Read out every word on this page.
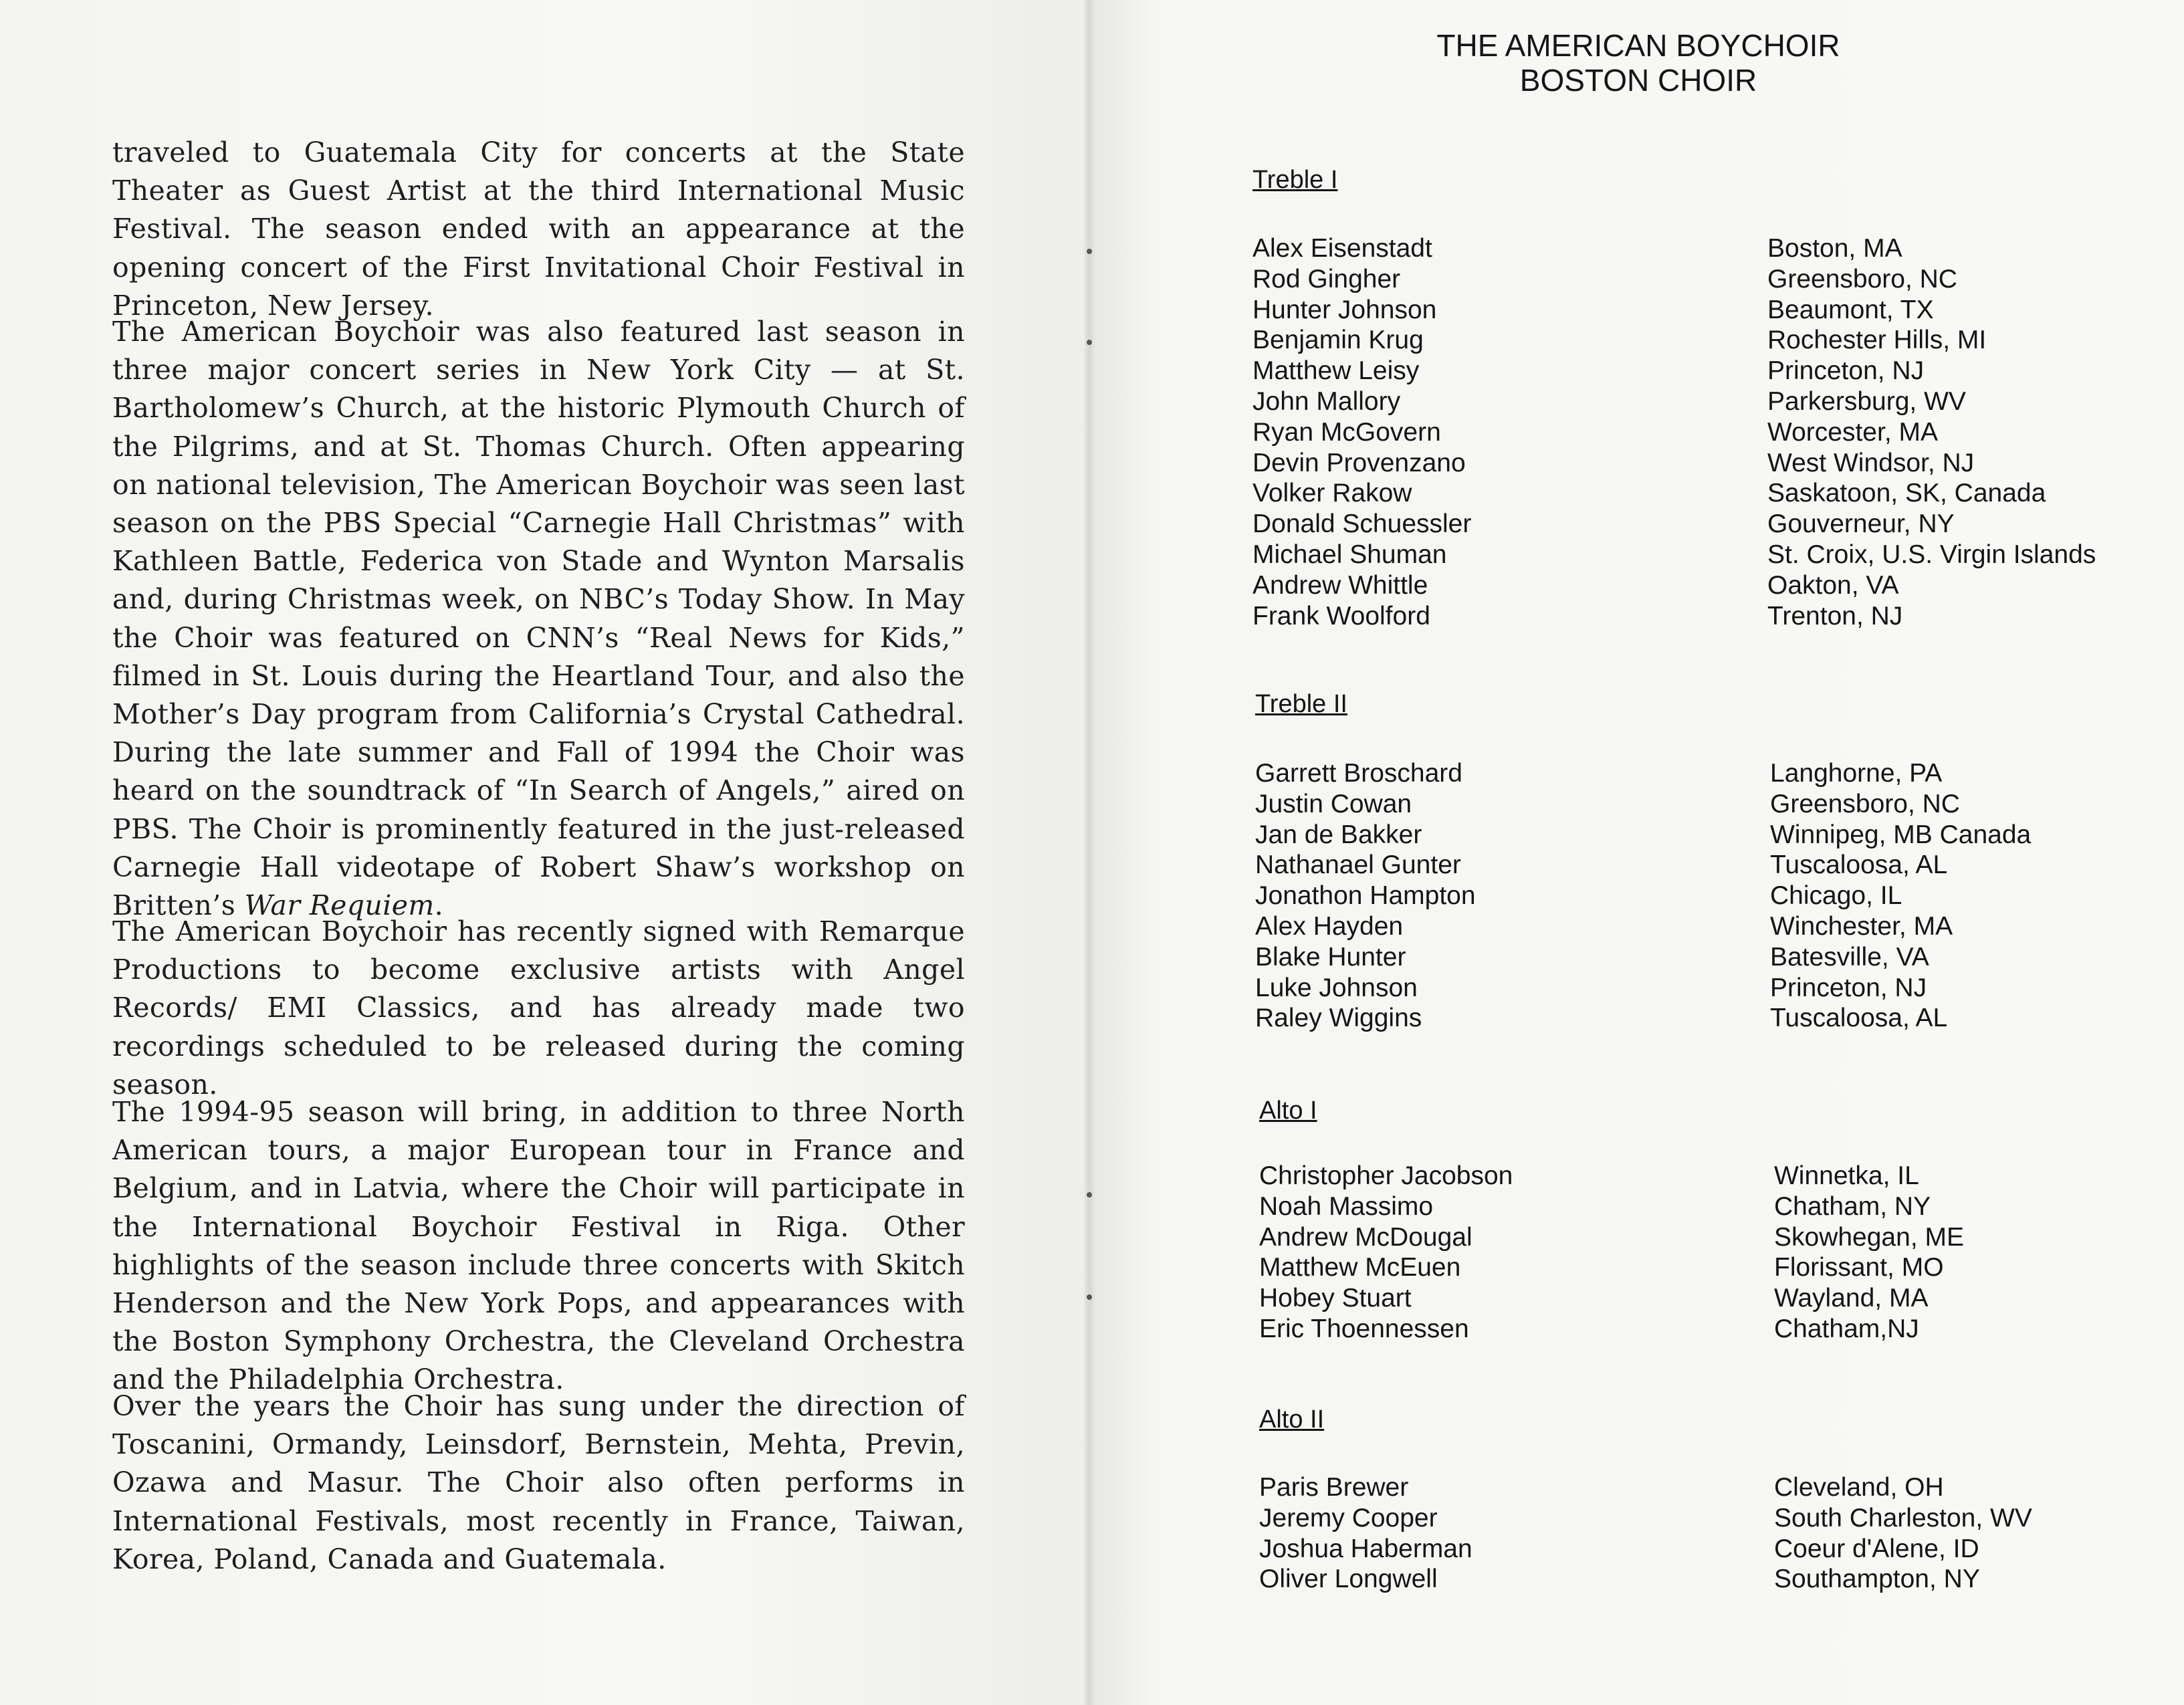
traveled to Guatemala City for concerts at the State Theater as Guest Artist at the third International Music Festival. The season ended with an appearance at the opening concert of the First Invitational Choir Festival in Princeton, New Jersey.

The American Boychoir was also featured last season in three major concert series in New York City — at St. Bartholomew’s Church, at the historic Plymouth Church of the Pilgrims, and at St. Thomas Church. Often appearing on national television, The American Boychoir was seen last season on the PBS Special “Carnegie Hall Christmas” with Kathleen Battle, Federica von Stade and Wynton Marsalis and, during Christmas week, on NBC’s Today Show. In May the Choir was featured on CNN’s “Real News for Kids,” filmed in St. Louis during the Heartland Tour, and also the Mother’s Day program from California’s Crystal Cathedral. During the late summer and Fall of 1994 the Choir was heard on the soundtrack of “In Search of Angels,” aired on PBS. The Choir is prominently featured in the just-released Carnegie Hall videotape of Robert Shaw’s workshop on Britten’s War Requiem.

The American Boychoir has recently signed with Remarque Productions to become exclusive artists with Angel Records/ EMI Classics, and has already made two recordings scheduled to be released during the coming season.

The 1994-95 season will bring, in addition to three North American tours, a major European tour in France and Belgium, and in Latvia, where the Choir will participate in the International Boychoir Festival in Riga. Other highlights of the season include three concerts with Skitch Henderson and the New York Pops, and appearances with the Boston Symphony Orchestra, the Cleveland Orchestra and the Philadelphia Orchestra.

Over the years the Choir has sung under the direction of Toscanini, Ormandy, Leinsdorf, Bernstein, Mehta, Previn, Ozawa and Masur. The Choir also often performs in International Festivals, most recently in France, Taiwan, Korea, Poland, Canada and Guatemala.

THE AMERICAN BOYCHOIR
BOSTON CHOIR
Treble I
Alex Eisenstadt	Boston, MA
Rod Gingher	Greensboro, NC
Hunter Johnson	Beaumont, TX
Benjamin Krug	Rochester Hills, MI
Matthew Leisy	Princeton, NJ
John Mallory	Parkersburg, WV
Ryan McGovern	Worcester, MA
Devin Provenzano	West Windsor, NJ
Volker Rakow	Saskatoon, SK, Canada
Donald Schuessler	Gouverneur, NY
Michael Shuman	St. Croix, U.S. Virgin Islands
Andrew Whittle	Oakton, VA
Frank Woolford	Trenton, NJ
Treble II
Garrett Broschard	Langhorne, PA
Justin Cowan	Greensboro, NC
Jan de Bakker	Winnipeg, MB Canada
Nathanael Gunter	Tuscaloosa, AL
Jonathon Hampton	Chicago, IL
Alex Hayden	Winchester, MA
Blake Hunter	Batesville, VA
Luke Johnson	Princeton, NJ
Raley Wiggins	Tuscaloosa, AL
Alto I
Christopher Jacobson	Winnetka, IL
Noah Massimo	Chatham, NY
Andrew McDougal	Skowhegan, ME
Matthew McEuen	Florissant, MO
Hobey Stuart	Wayland, MA
Eric Thoennessen	Chatham,NJ
Alto II
Paris Brewer	Cleveland, OH
Jeremy Cooper	South Charleston, WV
Joshua Haberman	Coeur d'Alene, ID
Oliver Longwell	Southampton, NY
